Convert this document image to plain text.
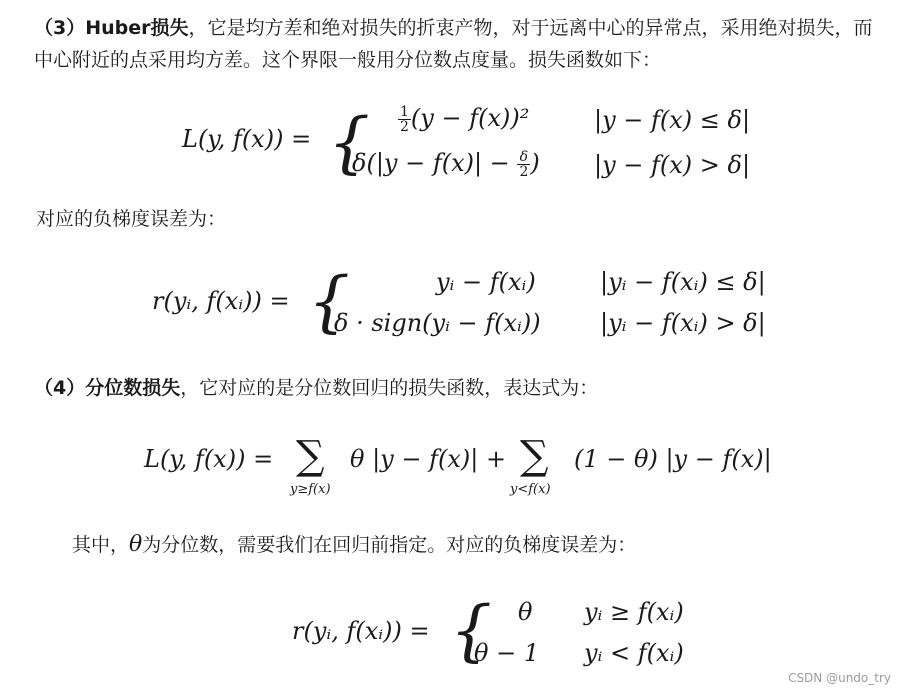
（3）Huber损失，它是均方差和绝对损失的折衷产物，对于远离中心的异常点，采用绝对损失，而中心附近的点采用均方差。这个界限一般用分位数点度量。损失函数如下：
L(y, f(x)) = { $\frac{1}{2} (y - f(x))^2$	|y − f(x) ≤ δ|
$\delta(|y - f(x)| - \frac{\delta}{2}$ ) |y − f(x) > δ|
对应的负梯度误差为：
r(yᵢ, f(xᵢ)) = {	yᵢ − f(xᵢ)	|yᵢ − f(xᵢ) ≤ δ|
δ · sign(yᵢ − f(xᵢ)) |yᵢ − f(xᵢ) > δ|
（4）分位数损失，它对应的是分位数回归的损失函数，表达式为：
L(y, f(x)) = ∑
y≥f(x)
θ |y − f(x)| + ∑
y<f(x)
(1 − θ) |y − f(x)|
其中，θ为分位数，需要我们在回归前指定。对应的负梯度误差为：
r(yᵢ, f(xᵢ)) = { θ yᵢ ≥ f(xᵢ)
θ − 1 yᵢ < f(xᵢ)
CSDN @undo_try
